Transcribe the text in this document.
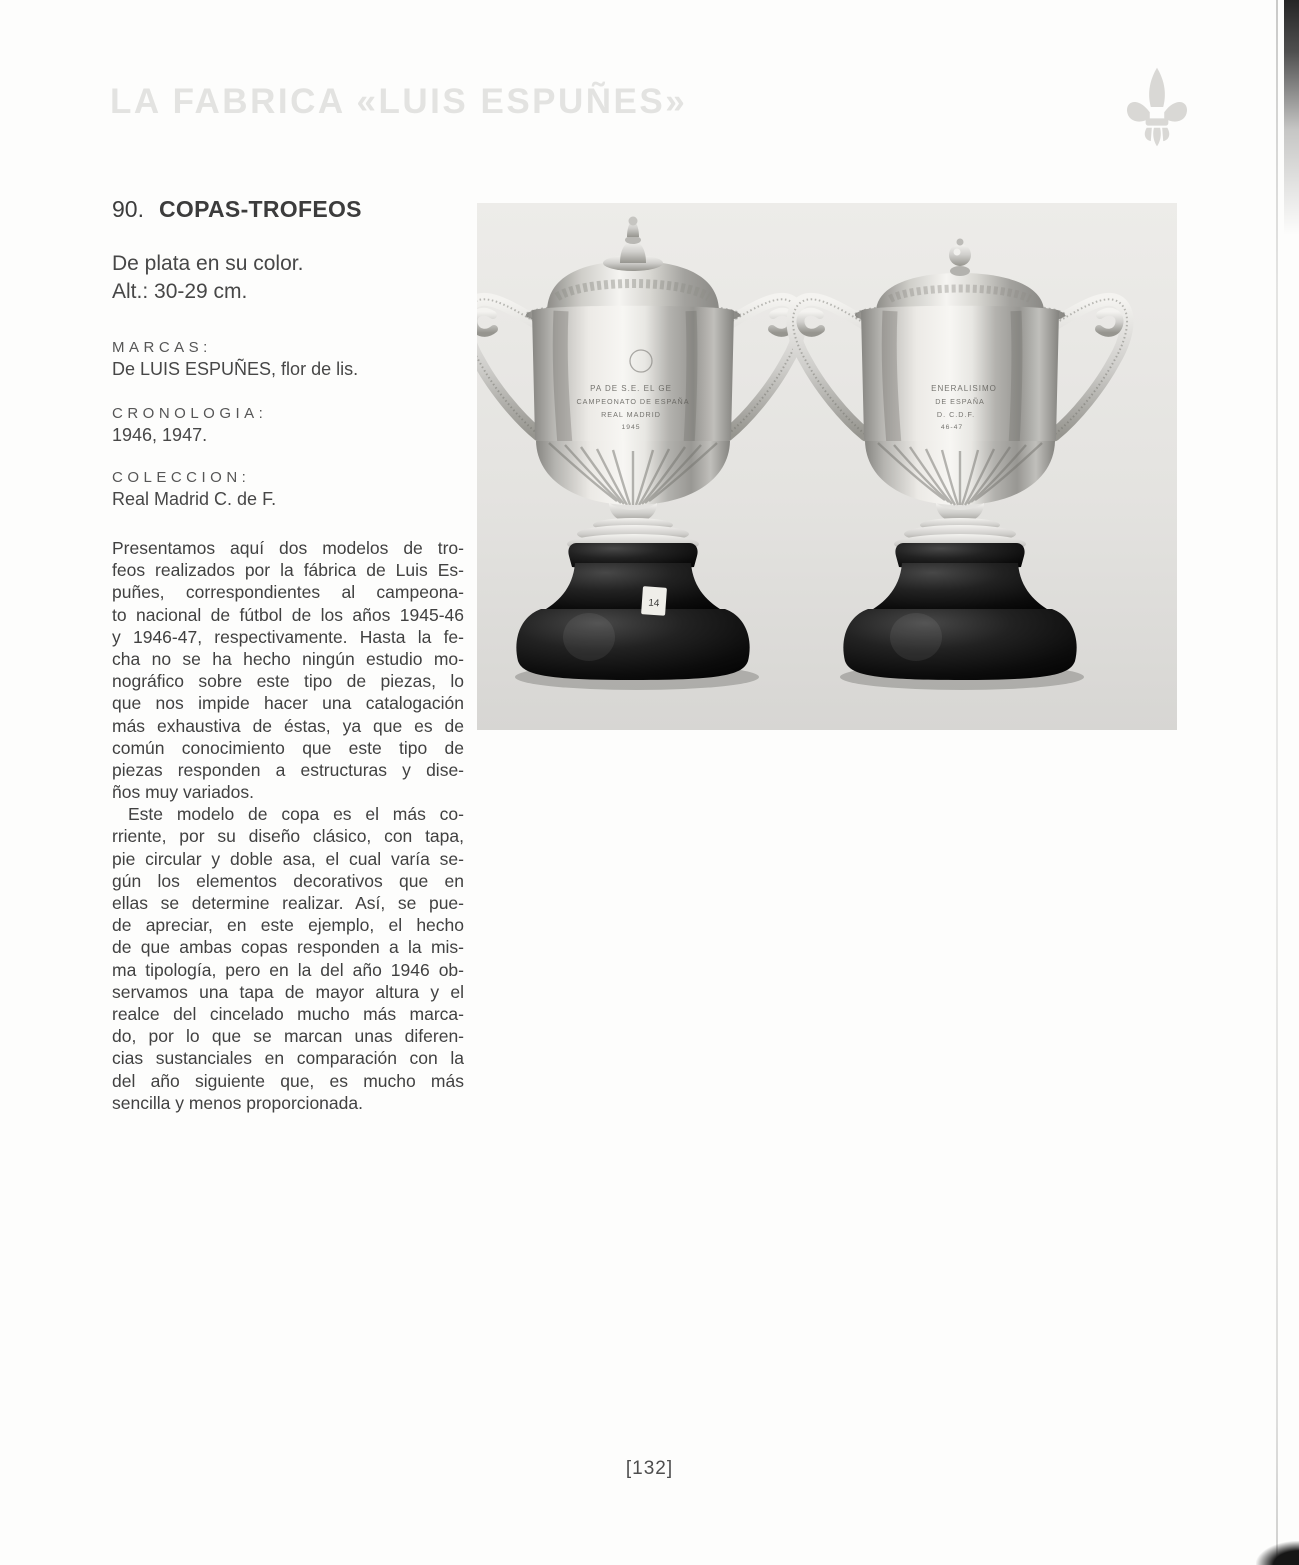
LA FABRICA «LUIS ESPUÑES»
90. COPAS-TROFEOS
De plata en su color.
Alt.: 30-29 cm.
MARCAS:
De LUIS ESPUÑES, flor de lis.
CRONOLOGIA:
1946, 1947.
COLECCION:
Real Madrid C. de F.
Presentamos aquí dos modelos de tro-
feos realizados por la fábrica de Luis Es-
puñes, correspondientes al campeona-
to nacional de fútbol de los años 1945-46
y 1946-47, respectivamente. Hasta la fe-
cha no se ha hecho ningún estudio mo-
nográfico sobre este tipo de piezas, lo
que nos impide hacer una catalogación
más exhaustiva de éstas, ya que es de
común conocimiento que este tipo de
piezas responden a estructuras y dise-
ños muy variados.
Este modelo de copa es el más co-
rriente, por su diseño clásico, con tapa,
pie circular y doble asa, el cual varía se-
gún los elementos decorativos que en
ellas se determine realizar. Así, se pue-
de apreciar, en este ejemplo, el hecho
de que ambas copas responden a la mis-
ma tipología, pero en la del año 1946 ob-
servamos una tapa de mayor altura y el
realce del cincelado mucho más marca-
do, por lo que se marcan unas diferen-
cias sustanciales en comparación con la
del año siguiente que, es mucho más
sencilla y menos proporcionada.
PA DE S.E. EL GE
CAMPEONATO DE ESPAÑA
REAL MADRID
1945
14
ENERALISIMO
DE ESPAÑA
D. C.D.F.
46-47
[132]
